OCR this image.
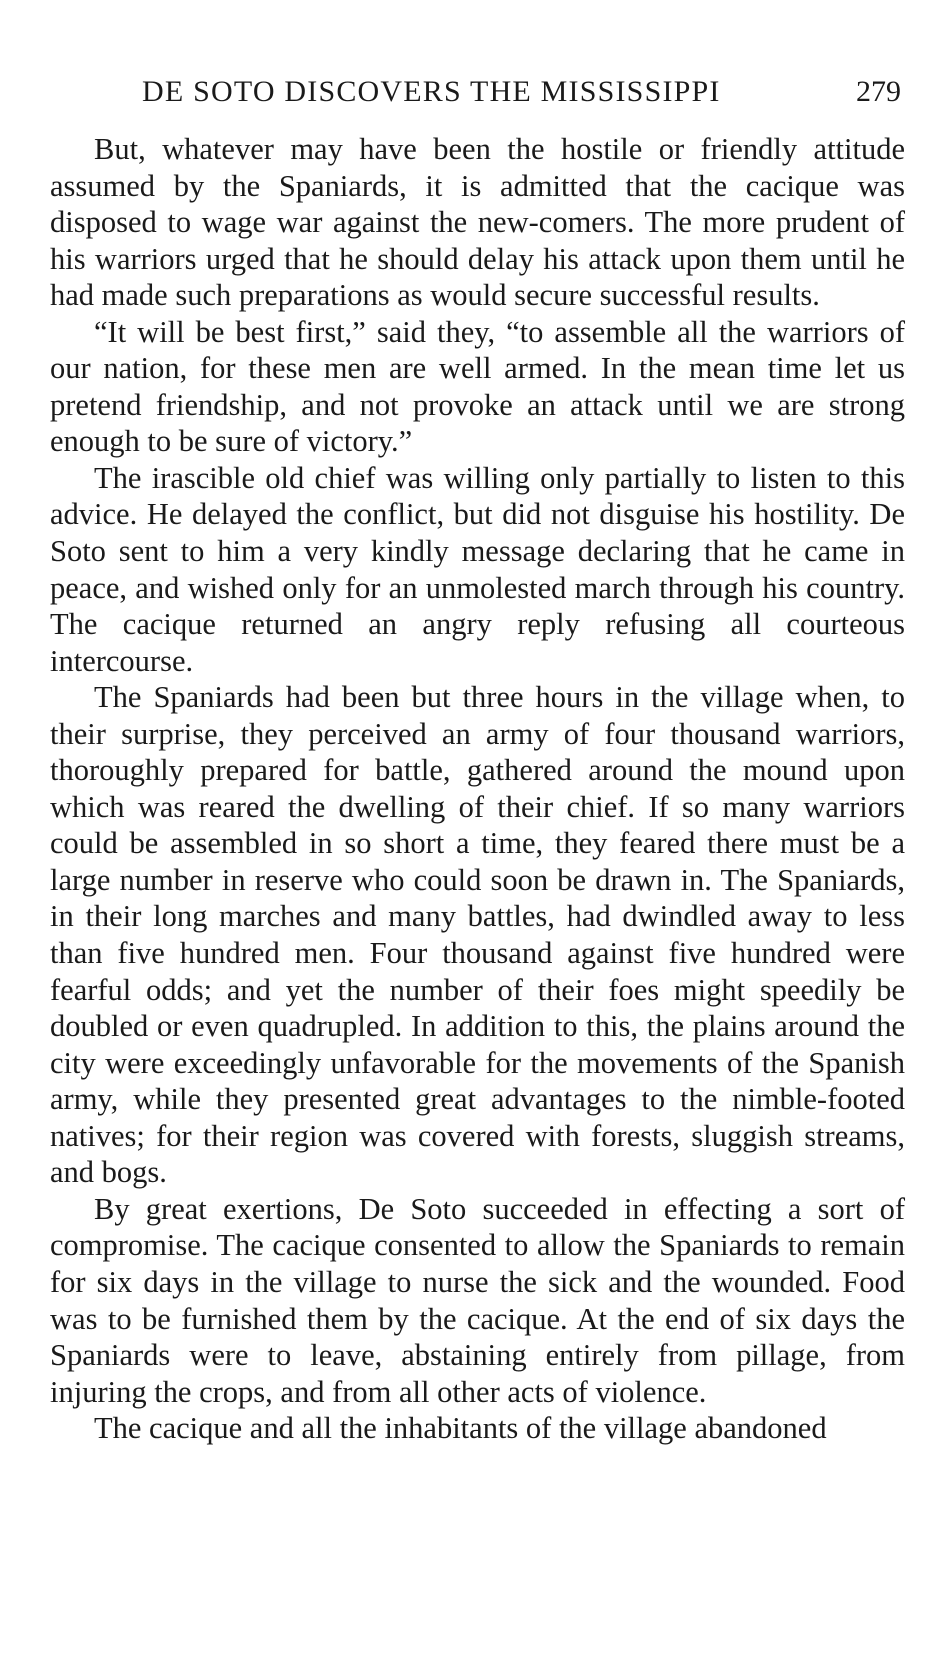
DE SOTO DISCOVERS THE MISSISSIPPI	279

But, whatever may have been the hostile or friendly attitude assumed by the Spaniards, it is admitted that the cacique was disposed to wage war against the new-comers. The more prudent of his warriors urged that he should delay his attack upon them until he had made such preparations as would secure successful results.

“It will be best first,” said they, “to assemble all the warriors of our nation, for these men are well armed. In the mean time let us pretend friendship, and not provoke an attack until we are strong enough to be sure of victory.”

The irascible old chief was willing only partially to listen to this advice. He delayed the conflict, but did not disguise his hostility. De Soto sent to him a very kindly message declaring that he came in peace, and wished only for an unmolested march through his country. The cacique returned an angry reply refusing all courteous intercourse.

The Spaniards had been but three hours in the village when, to their surprise, they perceived an army of four thousand warriors, thoroughly prepared for battle, gathered around the mound upon which was reared the dwelling of their chief. If so many warriors could be assembled in so short a time, they feared there must be a large number in reserve who could soon be drawn in. The Spaniards, in their long marches and many battles, had dwindled away to less than five hundred men. Four thousand against five hundred were fearful odds; and yet the number of their foes might speedily be doubled or even quadrupled. In addition to this, the plains around the city were exceedingly unfavorable for the movements of the Spanish army, while they presented great advantages to the nimble-footed natives; for their region was covered with forests, sluggish streams, and bogs.

By great exertions, De Soto succeeded in effecting a sort of compromise. The cacique consented to allow the Spaniards to remain for six days in the village to nurse the sick and the wounded. Food was to be furnished them by the cacique. At the end of six days the Spaniards were to leave, abstaining entirely from pillage, from injuring the crops, and from all other acts of violence.

The cacique and all the inhabitants of the village abandoned
